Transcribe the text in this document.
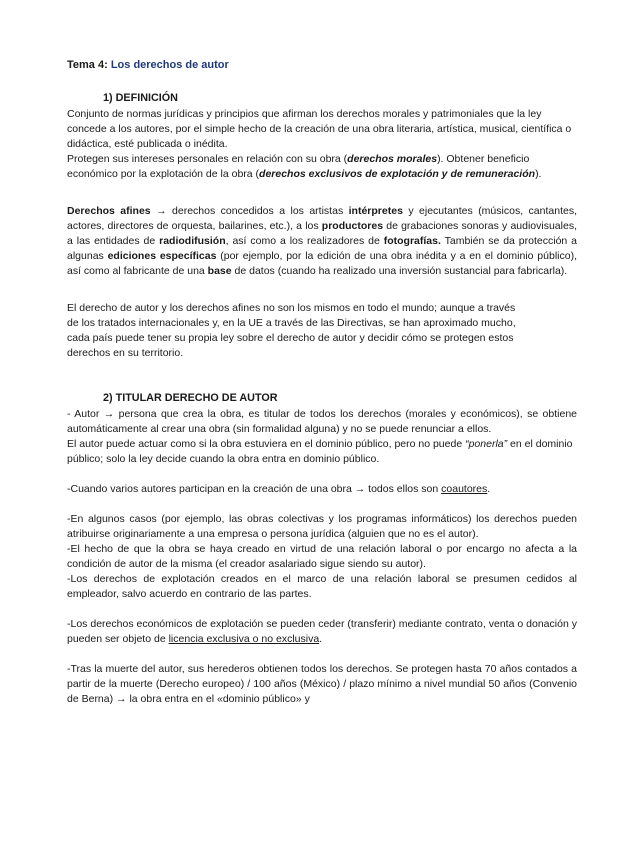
Tema 4: Los derechos de autor

1) DEFINICIÓN

Conjunto de normas jurídicas y principios que afirman los derechos morales y patrimoniales que la ley concede a los autores, por el simple hecho de la creación de una obra literaria, artística, musical, científica o didáctica, esté publicada o inédita.

Protegen sus intereses personales en relación con su obra (derechos morales). Obtener beneficio económico por la explotación de la obra (derechos exclusivos de explotación y de remuneración).

Derechos afines → derechos concedidos a los artistas intérpretes y ejecutantes (músicos, cantantes, actores, directores de orquesta, bailarines, etc.), a los productores de grabaciones sonoras y audiovisuales, a las entidades de radiodifusión, así como a los realizadores de fotografías. También se da protección a algunas ediciones específicas (por ejemplo, por la edición de una obra inédita y a en el dominio público), así como al fabricante de una base de datos (cuando ha realizado una inversión sustancial para fabricarla).

El derecho de autor y los derechos afines no son los mismos en todo el mundo; aunque a través de los tratados internacionales y, en la UE a través de las Directivas, se han aproximado mucho, cada país puede tener su propia ley sobre el derecho de autor y decidir cómo se protegen estos derechos en su territorio.

2) TITULAR DERECHO DE AUTOR

- Autor → persona que crea la obra, es titular de todos los derechos (morales y económicos), se obtiene automáticamente al crear una obra (sin formalidad alguna) y no se puede renunciar a ellos.

El autor puede actuar como si la obra estuviera en el dominio público, pero no puede “ponerla” en el dominio público; solo la ley decide cuando la obra entra en dominio público.

-Cuando varios autores participan en la creación de una obra → todos ellos son coautores.

-En algunos casos (por ejemplo, las obras colectivas y los programas informáticos) los derechos pueden atribuirse originariamente a una empresa o persona jurídica (alguien que no es el autor).

-El hecho de que la obra se haya creado en virtud de una relación laboral o por encargo no afecta a la condición de autor de la misma (el creador asalariado sigue siendo su autor).

-Los derechos de explotación creados en el marco de una relación laboral se presumen cedidos al empleador, salvo acuerdo en contrario de las partes.

-Los derechos económicos de explotación se pueden ceder (transferir) mediante contrato, venta o donación y pueden ser objeto de licencia exclusiva o no exclusiva.

-Tras la muerte del autor, sus herederos obtienen todos los derechos. Se protegen hasta 70 años contados a partir de la muerte (Derecho europeo) / 100 años (México) / plazo mínimo a nivel mundial 50 años (Convenio de Berna) → la obra entra en el «dominio público» y
